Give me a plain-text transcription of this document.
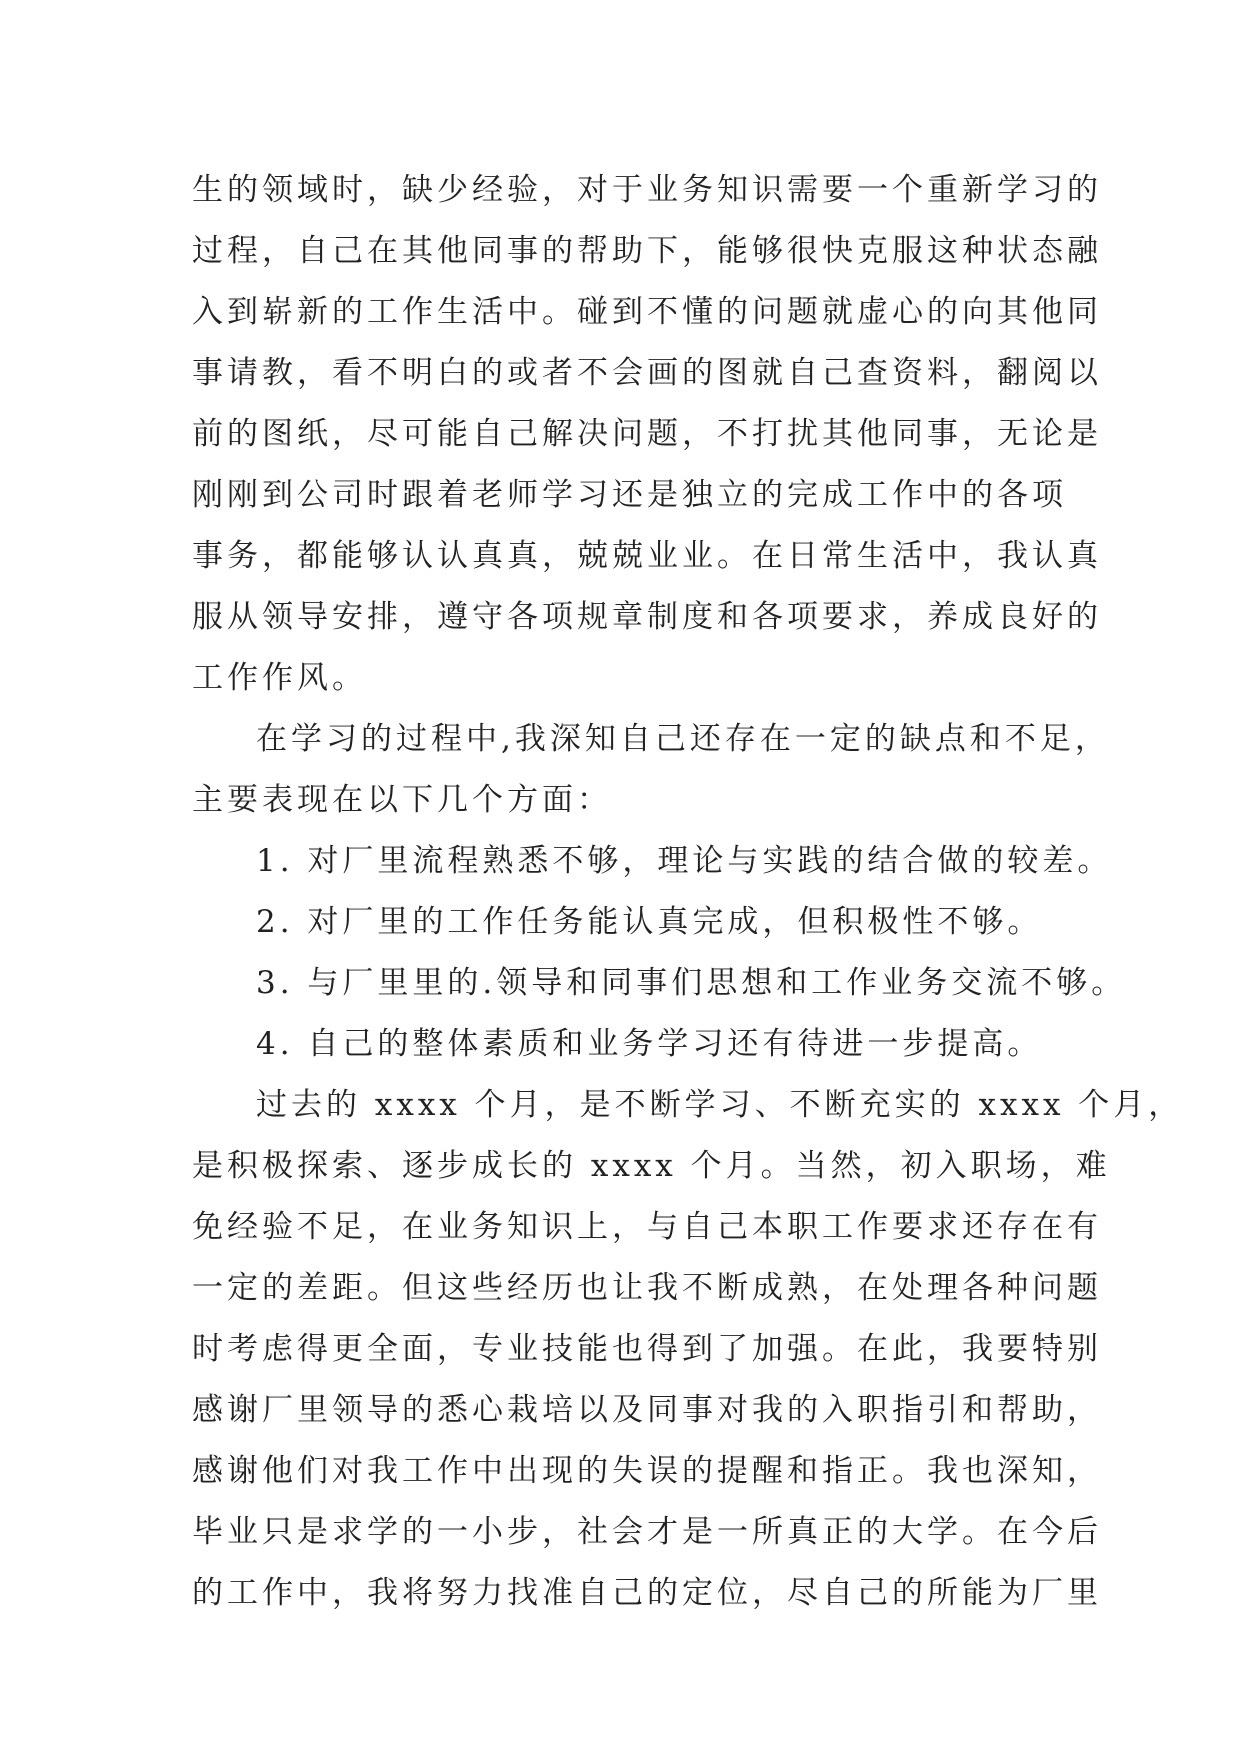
生的领域时，缺少经验，对于业务知识需要一个重新学习的
过程，自己在其他同事的帮助下，能够很快克服这种状态融
入到崭新的工作生活中。碰到不懂的问题就虚心的向其他同
事请教，看不明白的或者不会画的图就自己查资料，翻阅以
前的图纸，尽可能自己解决问题，不打扰其他同事，无论是
刚刚到公司时跟着老师学习还是独立的完成工作中的各项
事务，都能够认认真真，兢兢业业。在日常生活中，我认真
服从领导安排，遵守各项规章制度和各项要求，养成良好的
工作作风。
在学习的过程中,我深知自己还存在一定的缺点和不足，
主要表现在以下几个方面：
1. 对厂里流程熟悉不够，理论与实践的结合做的较差。
2. 对厂里的工作任务能认真完成，但积极性不够。
3. 与厂里里的.领导和同事们思想和工作业务交流不够。
4. 自己的整体素质和业务学习还有待进一步提高。
过去的 xxxx 个月，是不断学习、不断充实的 xxxx 个月，
是积极探索、逐步成长的 xxxx 个月。当然，初入职场，难
免经验不足，在业务知识上，与自己本职工作要求还存在有
一定的差距。但这些经历也让我不断成熟，在处理各种问题
时考虑得更全面，专业技能也得到了加强。在此，我要特别
感谢厂里领导的悉心栽培以及同事对我的入职指引和帮助，
感谢他们对我工作中出现的失误的提醒和指正。我也深知，
毕业只是求学的一小步，社会才是一所真正的大学。在今后
的工作中，我将努力找准自己的定位，尽自己的所能为厂里
